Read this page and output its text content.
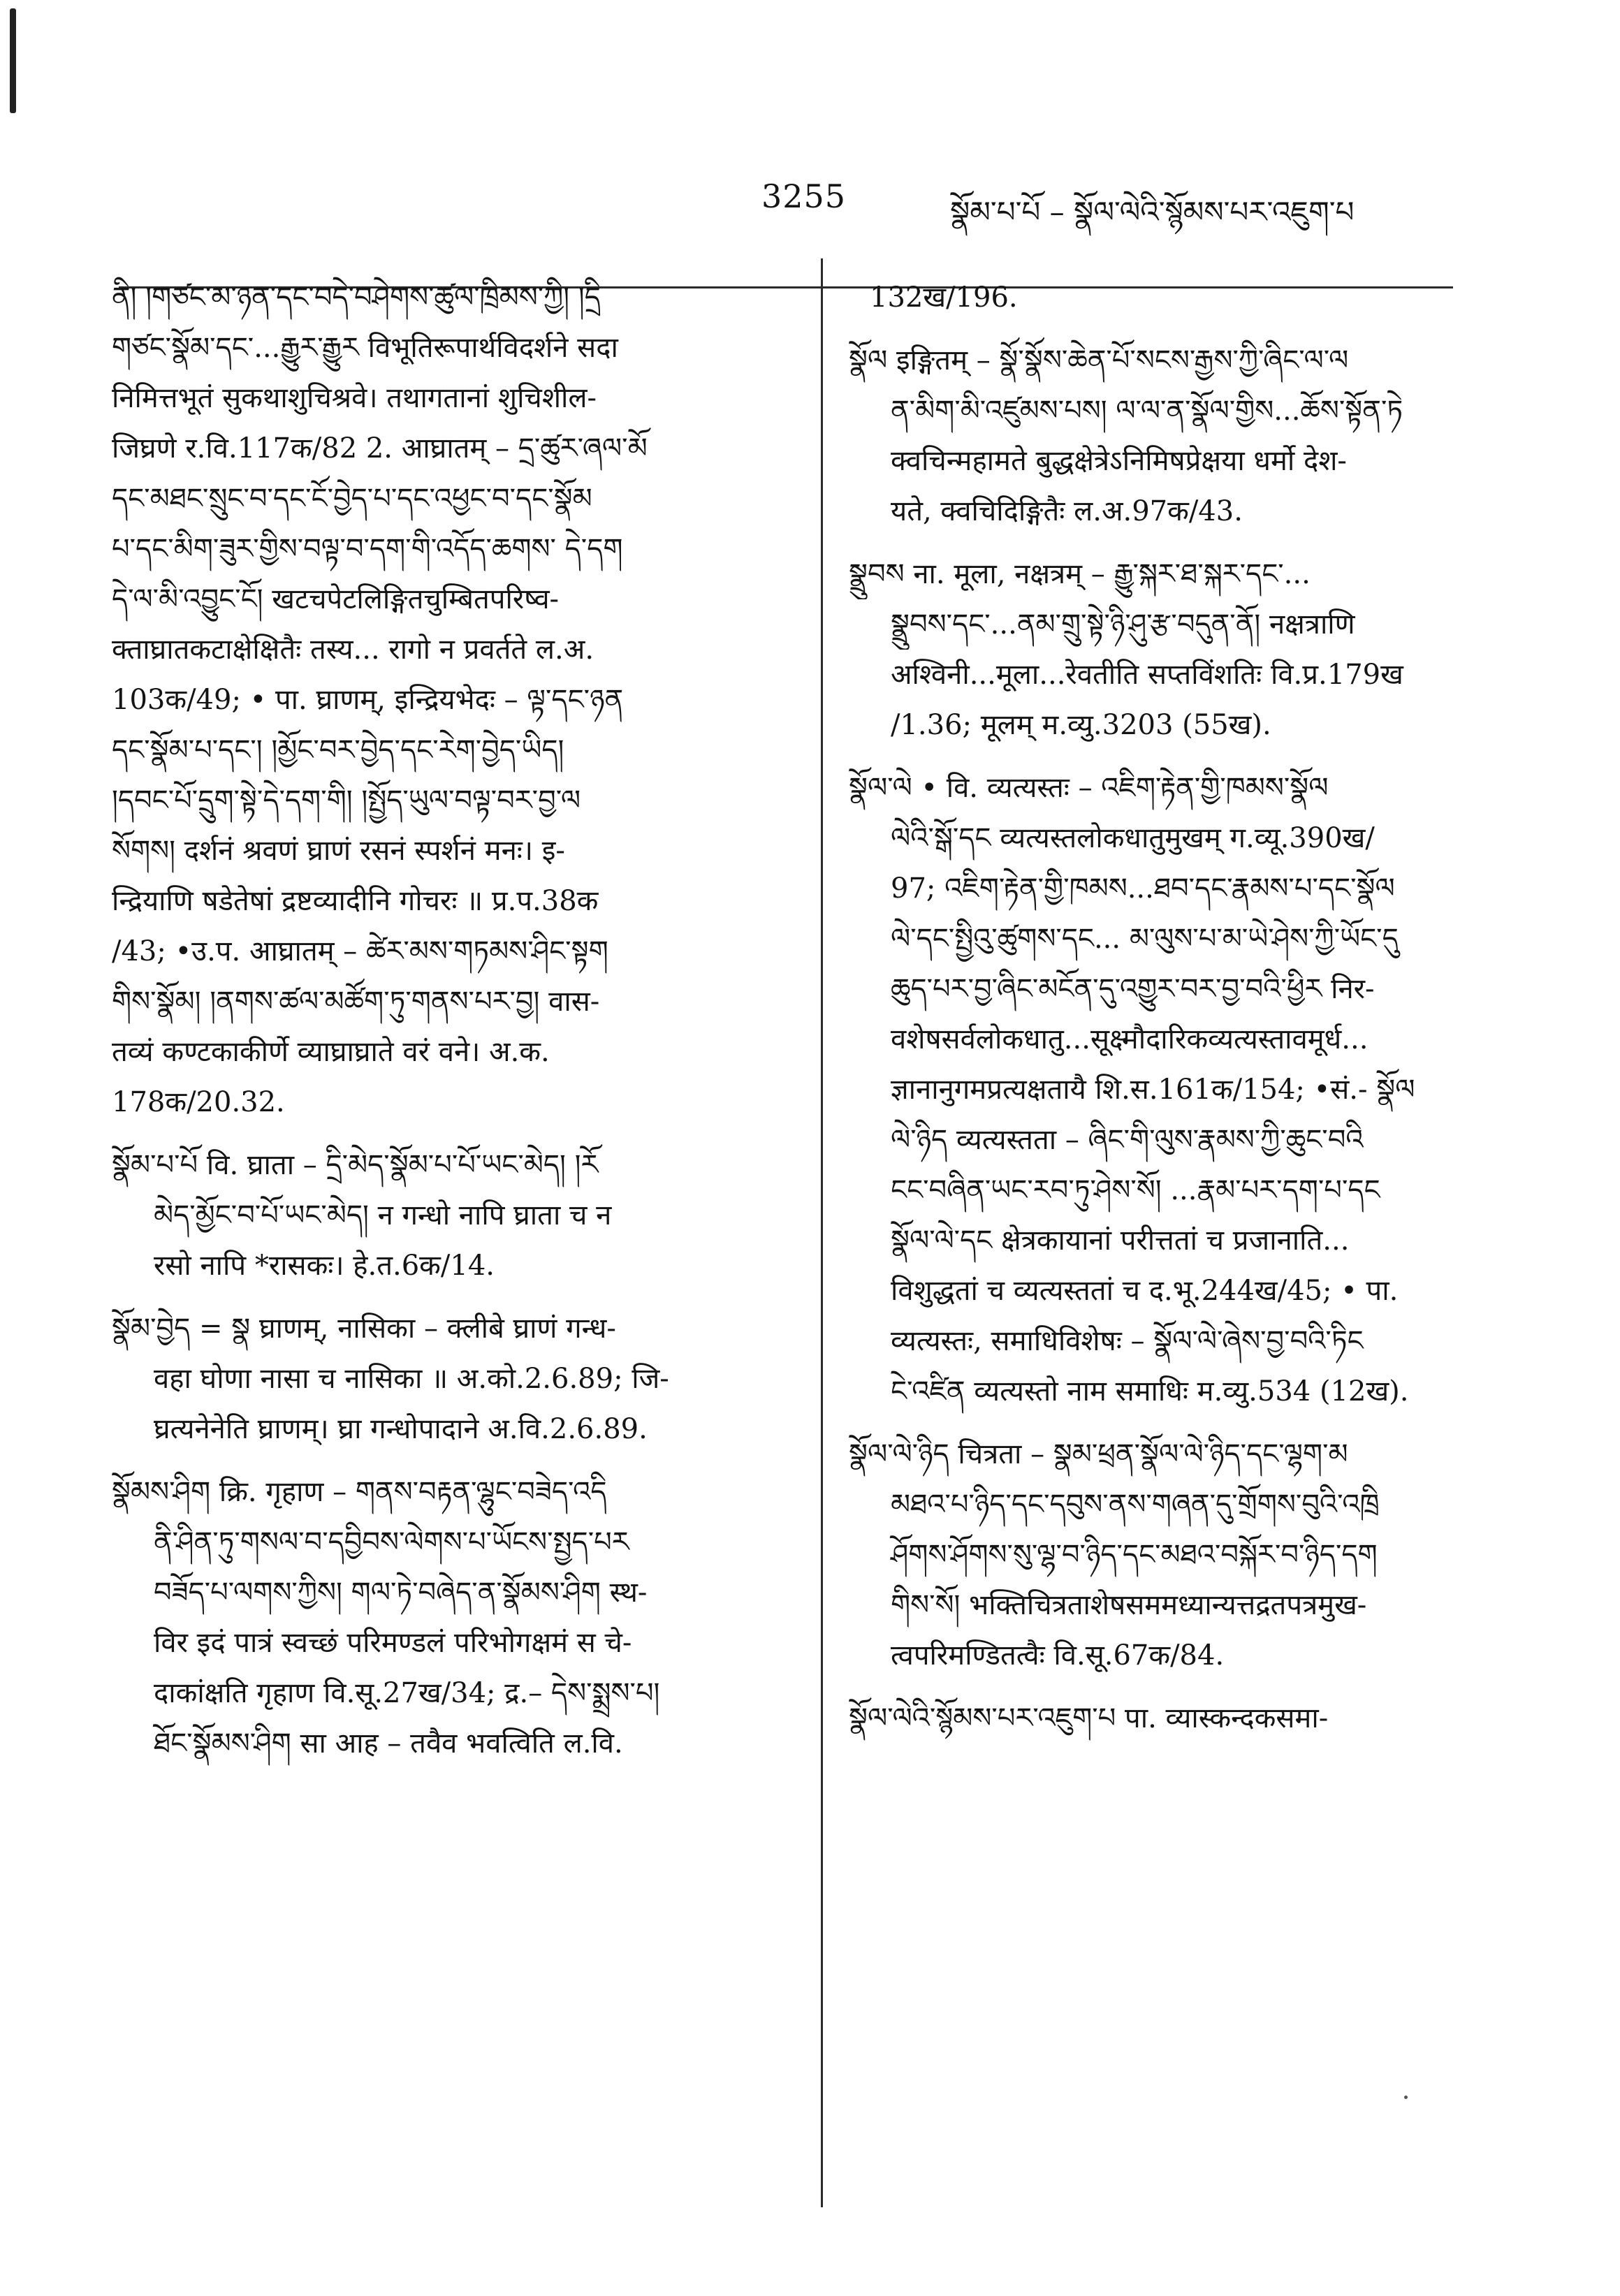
3255	སྣོམ་པ་པོ – སྣོལ་ལེའི་སྙོམས་པར་འཇུག་པ
ནི། །གཙང་མ་ཉན་དང་བདེ་བཤེགས་ཚུལ་ཁྲིམས་ཀྱི། །དྲི
གཙང་སྣོམ་དང་...རྒྱུར་རྒྱུར विभूतिरूपार्थविदर्शने सदा
निमित्तभूतं सुकथाशुचिश्रवे। तथागतानां शुचिशील-
जिघ्रणे र.वि.117क/82 2. आघ्रातम् – དྲ་ཚུར་ཞལ་མོ
དང་མཐང་སྲུང་བ་དང་ངོ་བྱེད་པ་དང་འཕྱང་བ་དང་སྣོམ
པ་དང་མིག་ཟུར་གྱིས་བལྟ་བ་དག་གི་འདོད་ཆགས་ དེ་དག
དེ་ལ་མི་འབྱུང་ངོ། खटचपेटलिङ्गितचुम्बितपरिष्व-
क्ताघ्रातकटाक्षेक्षितैः तस्य... रागो न प्रवर्तते ल.अ.
103क/49; • पा. घ्राणम्, इन्द्रियभेदः – ལྟ་དང་ཉན
དང་སྣོམ་པ་དང་། །མྱོང་བར་བྱེད་དང་རེག་བྱེད་ཡིད།
།དབང་པོ་དྲུག་སྟེ་དེ་དག་གི། །སྤྱོད་ཡུལ་བལྟ་བར་བྱ་ལ
སོགས། दर्शनं श्रवणं घ्राणं रसनं स्पर्शनं मनः। इ-
न्द्रियाणि षडेतेषां द्रष्टव्यादीनि गोचरः ॥ प्र.प.38क
/43; •उ.प. आघ्रातम् – ཚེར་མས་གཏམས་ཤིང་སྟག
གིས་སྣོམ། །ནགས་ཚལ་མཚོག་ཏུ་གནས་པར་བྱ། वास-
तव्यं कण्टकाकीर्णे व्याघ्राघ्राते वरं वने। अ.क.
178क/20.32.
སྣོམ་པ་པོ वि. घ्राता – དྲི་མེད་སྣོམ་པ་པོ་ཡང་མེད། །རོ
མེད་མྱོང་བ་པོ་ཡང་མེད། न गन्धो नापि घ्राता च न
रसो नापि *रासकः। हे.त.6क/14.
སྣོམ་བྱེད = སྣ घ्राणम्, नासिका – क्लीबे घ्राणं गन्ध-
वहा घोणा नासा च नासिका ॥ अ.को.2.6.89; जि-
घ्रत्यनेनेति घ्राणम्। घ्रा गन्धोपादाने अ.वि.2.6.89.
སྣོམས་ཤིག क्रि. गृहाण – གནས་བརྟན་ལྷུང་བཟེད་འདི
ནི་ཤིན་ཏུ་གསལ་བ་དབྱིབས་ལེགས་པ་ཡོངས་སྤྱད་པར
བཟོད་པ་ལགས་ཀྱིས། གལ་ཏེ་བཞེད་ན་སྣོམས་ཤིག स्थ-
विर इदं पात्रं स्वच्छं परिमण्डलं परिभोगक्षमं स चे-
दाकांक्षति गृहाण वि.सू.27ख/34; द्र.– དེས་སྨྲས་པ།
ཐོང་སྣོམས་ཤིག सा आह – तवैव भवत्विति ल.वि.
132ख/196.
སྣོལ इङ्गितम् – སྣོ་སྣོས་ཆེན་པོ་སངས་རྒྱས་ཀྱི་ཞིང་ལ་ལ
ན་མིག་མི་འཛུམས་པས། ལ་ལ་ན་སྣོལ་གྱིས...ཆོས་སྟོན་ཏེ
क्वचिन्महामते बुद्धक्षेत्रेऽनिमिषप्रेक्षया धर्मो देश-
यते, क्वचिदिङ्गितैः ल.अ.97क/43.
སྣྲུབས ना. मूला, नक्षत्रम् – རྒྱུ་སྐར་ཐ་སྐར་དང་...
སྣྲུབས་དང་...ནམ་གྲུ་སྟེ་ཉི་ཤུ་རྩ་བདུན་ནོ། नक्षत्राणि
अश्विनी...मूला...रेवतीति सप्तविंशतिः वि.प्र.179ख
/1.36; मूलम् म.व्यु.3203 (55ख).
སྣོལ་ལེ • वि. व्यत्यस्तः – འཇིག་རྟེན་གྱི་ཁམས་སྣོལ
ལེའི་སྒོ་དང व्यत्यस्तलोकधातुमुखम् ग.व्यू.390ख/
97; འཇིག་རྟེན་གྱི་ཁམས...ཐབ་དང་རྣམས་པ་དང་སྣོལ
ལེ་དང་སྤྱིའུ་ཚུགས་དང... མ་ལུས་པ་མ་ཡེ་ཤེས་ཀྱི་ཡོང་དུ
ཆུད་པར་བྱ་ཞིང་མངོན་དུ་འགྱུར་བར་བྱ་བའི་ཕྱིར निर-
वशेषसर्वलोकधातु...सूक्ष्मौदारिकव्यत्यस्तावमूर्ध...
ज्ञानानुगमप्रत्यक्षतायै शि.स.161क/154; •सं.- སྣོལ
ལེ་ཉིད व्यत्यस्तता – ཞིང་གི་ལུས་རྣམས་ཀྱི་ཆུང་བའི
ངང་བཞིན་ཡང་རབ་ཏུ་ཤེས་སོ། ...རྣམ་པར་དག་པ་དང
སྣོལ་ལེ་དང क्षेत्रकायानां परीत्ततां च प्रजानाति...
विशुद्धतां च व्यत्यस्ततां च द.भू.244ख/45; • पा.
व्यत्यस्तः, समाधिविशेषः – སྣོལ་ལེ་ཞེས་བྱ་བའི་ཏིང
ངེ་འཛིན व्यत्यस्तो नाम समाधिः म.व्यु.534 (12ख).
སྣོལ་ལེ་ཉིད चित्रता – སྣམ་ཕྲན་སྣོལ་ལེ་ཉིད་དང་ལྷག་མ
མཐའ་པ་ཉིད་དང་དབུས་ནས་གཞན་དུ་གྲོགས་བུའི་འཁྲི
ཤོགས་ཤོགས་སུ་ལྷ་བ་ཉིད་དང་མཐའ་བསྐོར་བ་ཉིད་དག
གིས་སོ། भक्तिचित्रताशेषसममध्यान्यत्तद्रतपत्रमुख-
त्वपरिमण्डितत्वैः वि.सू.67क/84.
སྣོལ་ལེའི་སྙོམས་པར་འཇུག་པ पा. व्यास्कन्दकसमा-
